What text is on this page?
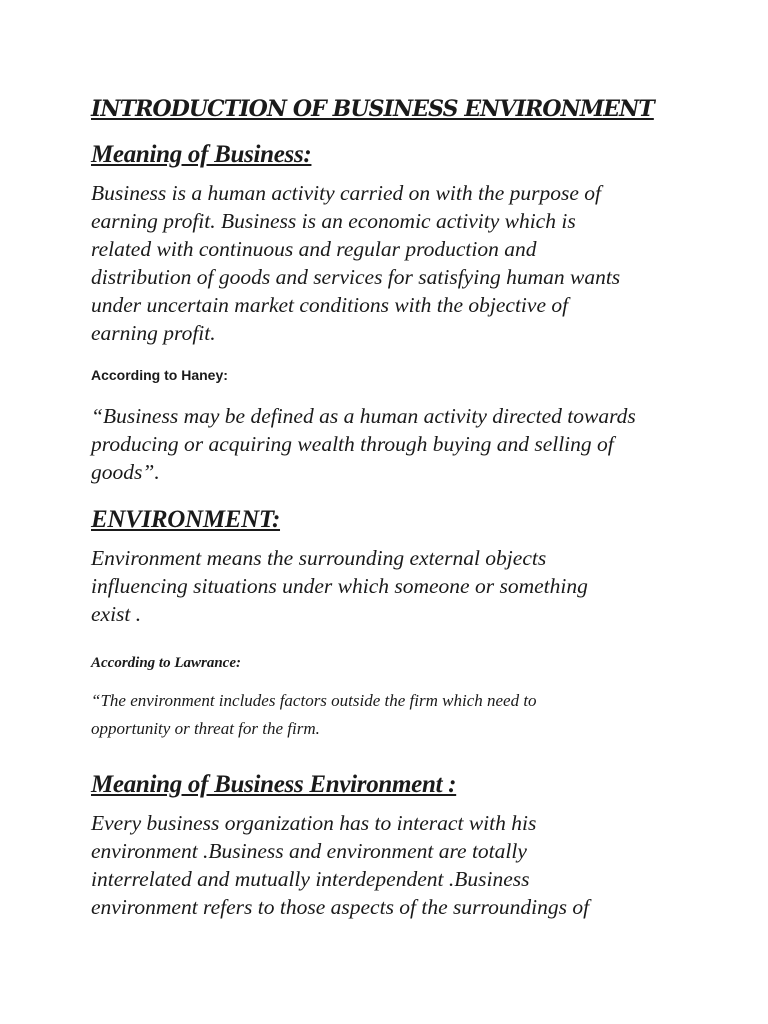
INTRODUCTION OF BUSINESS ENVIRONMENT
Meaning of Business:

Business is a human activity carried on with the purpose of
earning profit. Business is an economic activity which is
related with continuous and regular production and
distribution of goods and services for satisfying human wants
under uncertain market conditions with the objective of
earning profit.

According to Haney:

“Business may be defined as a human activity directed towards
producing or acquiring wealth through buying and selling of
goods”.

ENVIRONMENT:

Environment means the surrounding external objects
influencing situations under which someone or something
exist .

According to Lawrance:

“The environment includes factors outside the firm which need to
opportunity or threat for the firm.

Meaning of Business Environment :

Every business organization has to interact with his
environment .Business and environment are totally
interrelated and mutually interdependent .Business
environment refers to those aspects of the surroundings of
